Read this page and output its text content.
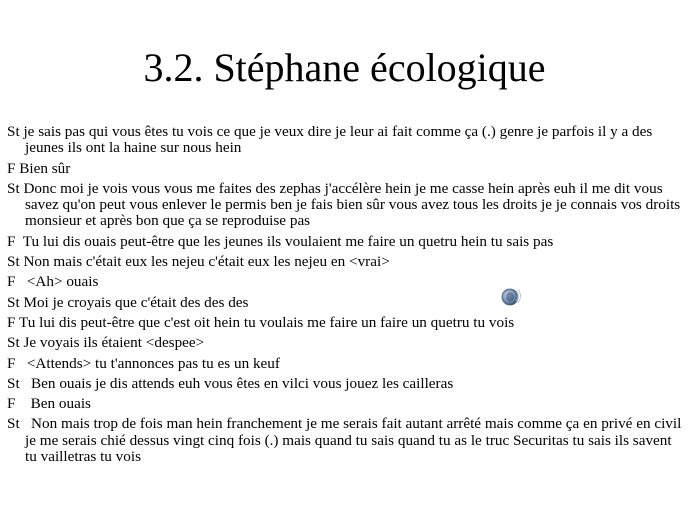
3.2. Stéphane écologique

St je sais pas qui vous êtes tu vois ce que je veux dire je leur ai fait comme ça (.) genre je parfois il y a des jeunes ils ont la haine sur nous hein

F Bien sûr

St Donc moi je vois vous vous me faites des zephas j'accélère hein je me casse hein après euh il me dit vous savez qu'on peut vous enlever le permis ben je fais bien sûr vous avez tous les droits je je connais vos droits monsieur et après bon que ça se reproduise pas

F  Tu lui dis ouais peut-être que les jeunes ils voulaient me faire un quetru hein tu sais pas

St Non mais c'était eux les nejeu c'était eux les nejeu en <vrai>

F   <Ah> ouais

St Moi je croyais que c'était des des des

F Tu lui dis peut-être que c'est oit hein tu voulais me faire un faire un quetru tu vois

St Je voyais ils étaient <despee>

F   <Attends> tu t'annonces pas tu es un keuf

St   Ben ouais je dis attends euh vous êtes en vilci vous jouez les cailleras

F    Ben ouais

St   Non mais trop de fois man hein franchement je me serais fait autant arrêté mais comme ça en privé en civil je me serais chié dessus vingt cinq fois (.) mais quand tu sais quand tu as le truc Securitas tu sais ils savent tu vailletras tu vois
